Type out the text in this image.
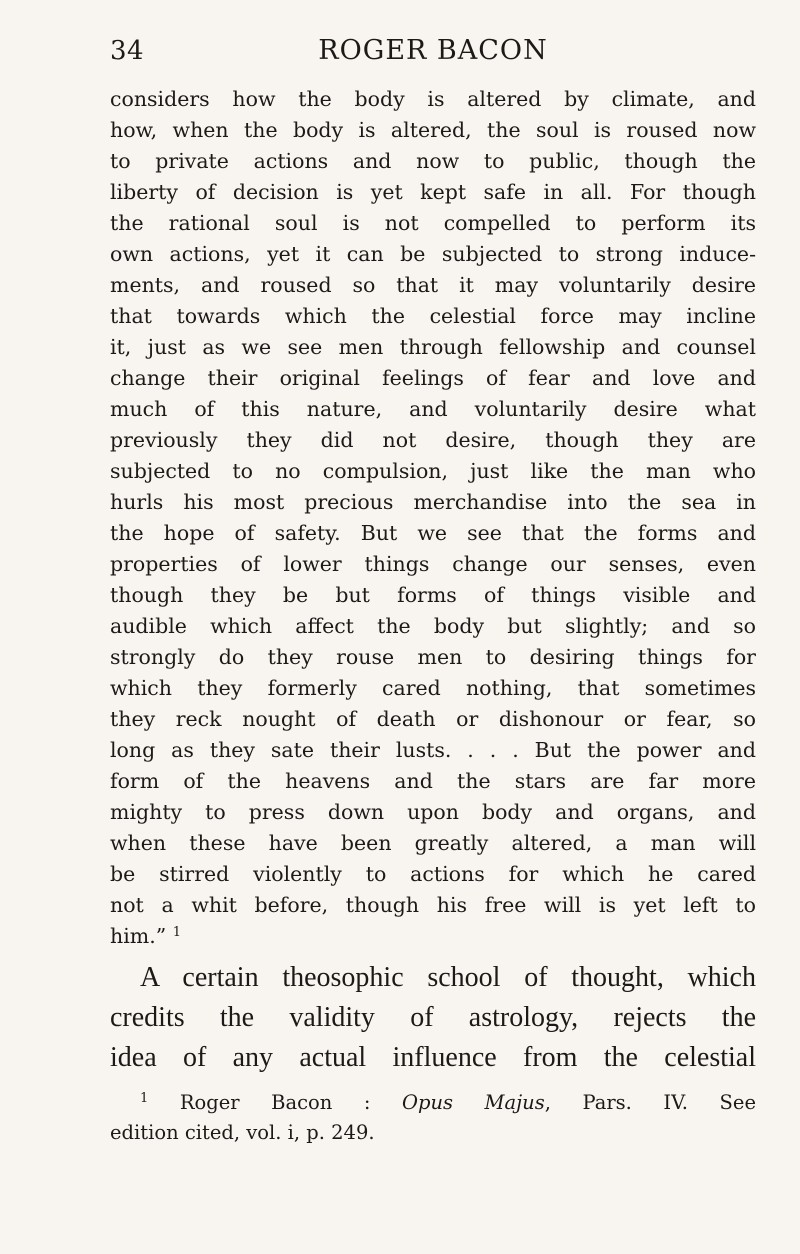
34	ROGER BACON
considers how the body is altered by climate, and
how, when the body is altered, the soul is roused now
to private actions and now to public, though the
liberty of decision is yet kept safe in all. For though
the rational soul is not compelled to perform its
own actions, yet it can be subjected to strong induce-
ments, and roused so that it may voluntarily desire
that towards which the celestial force may incline
it, just as we see men through fellowship and counsel
change their original feelings of fear and love and
much of this nature, and voluntarily desire what
previously they did not desire, though they are
subjected to no compulsion, just like the man who
hurls his most precious merchandise into the sea in
the hope of safety. But we see that the forms and
properties of lower things change our senses, even
though they be but forms of things visible and
audible which affect the body but slightly; and so
strongly do they rouse men to desiring things for
which they formerly cared nothing, that sometimes
they reck nought of death or dishonour or fear, so
long as they sate their lusts. . . . But the power and
form of the heavens and the stars are far more
mighty to press down upon body and organs, and
when these have been greatly altered, a man will
be stirred violently to actions for which he cared
not a whit before, though his free will is yet left to
him.” $^1$
A certain theosophic school of thought, which
credits the validity of astrology, rejects the
idea of any actual influence from the celestial
$^1$ Roger Bacon : Opus Majus, Pars. IV. See
edition cited, vol. i, p. 249.
